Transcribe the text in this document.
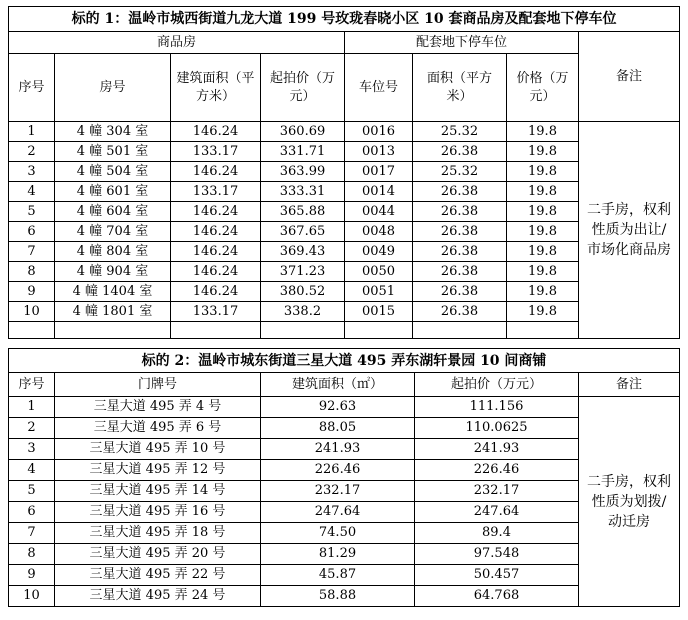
标的 1：温岭市城西街道九龙大道 199 号玫珑春晓小区 10 套商品房及配套地下停车位							
商品房				配套地下停车位			备注
序号	房号	建筑面积（平方米）	起拍价（万元）	车位号	面积（平方米）	价格（万元）	
1	4 幢 304 室	146.24	360.69	0016	25.32	19.8	二手房，权利性质为出让/市场化商品房
2	4 幢 501 室	133.17	331.71	0013	26.38	19.8	
3	4 幢 504 室	146.24	363.99	0017	25.32	19.8	
4	4 幢 601 室	133.17	333.31	0014	26.38	19.8	
5	4 幢 604 室	146.24	365.88	0044	26.38	19.8	
6	4 幢 704 室	146.24	367.65	0048	26.38	19.8	
7	4 幢 804 室	146.24	369.43	0049	26.38	19.8	
8	4 幢 904 室	146.24	371.23	0050	26.38	19.8	
9	4 幢 1404 室	146.24	380.52	0051	26.38	19.8	
10	4 幢 1801 室	133.17	338.2	0015	26.38	19.8	

标的 2：温岭市城东街道三星大道 495 弄东湖轩景园 10 间商铺				
序号	门牌号	建筑面积（㎡）	起拍价（万元）	备注
1	三星大道 495 弄 4 号	92.63	111.156	二手房，权利性质为划拨/动迁房
2	三星大道 495 弄 6 号	88.05	110.0625	
3	三星大道 495 弄 10 号	241.93	241.93	
4	三星大道 495 弄 12 号	226.46	226.46	
5	三星大道 495 弄 14 号	232.17	232.17	
6	三星大道 495 弄 16 号	247.64	247.64	
7	三星大道 495 弄 18 号	74.50	89.4	
8	三星大道 495 弄 20 号	81.29	97.548	
9	三星大道 495 弄 22 号	45.87	50.457	
10	三星大道 495 弄 24 号	58.88	64.768	
